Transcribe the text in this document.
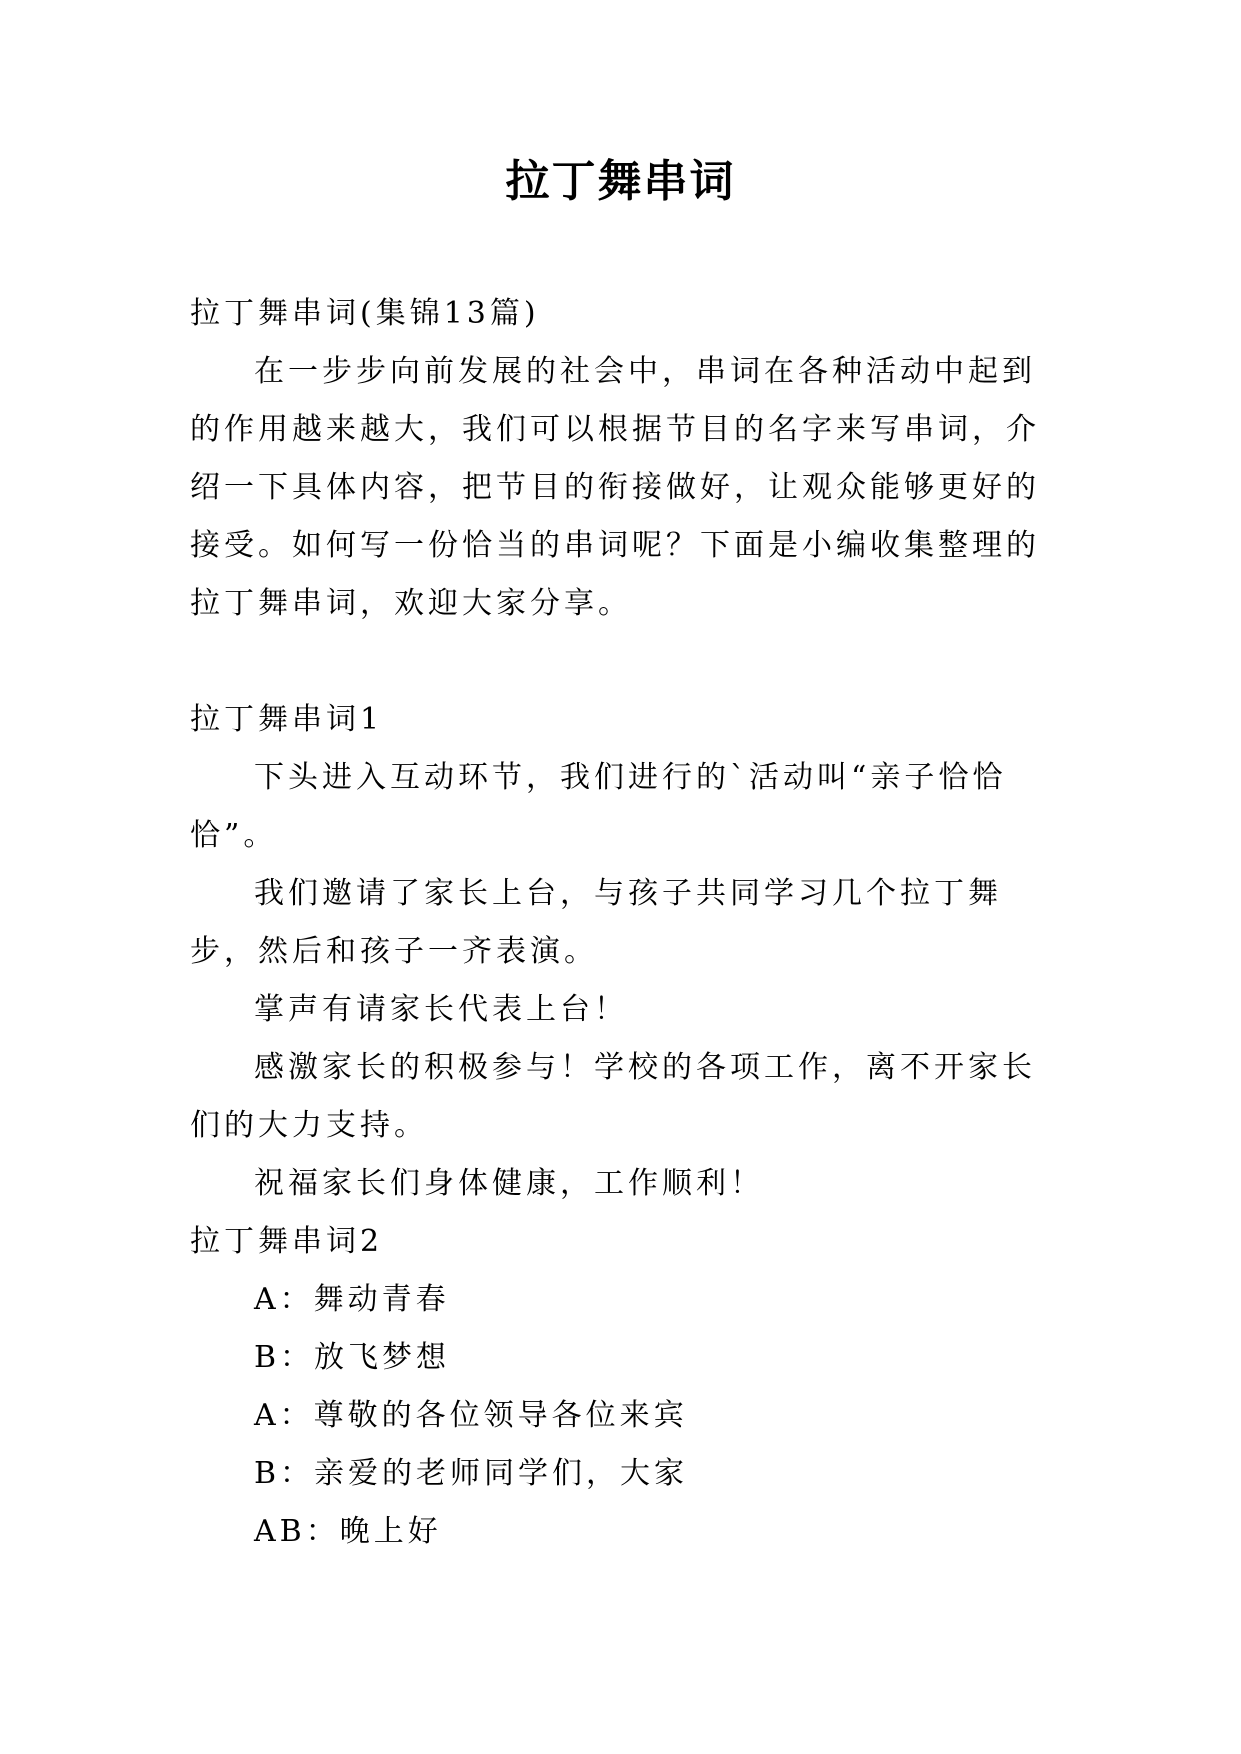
拉丁舞串词

拉丁舞串词(集锦13篇)

在一步步向前发展的社会中，串词在各种活动中起到的作用越来越大，我们可以根据节目的名字来写串词，介绍一下具体内容，把节目的衔接做好，让观众能够更好的接受。如何写一份恰当的串词呢？下面是小编收集整理的拉丁舞串词，欢迎大家分享。

拉丁舞串词1

下头进入互动环节，我们进行的`活动叫“亲子恰恰恰”。

我们邀请了家长上台，与孩子共同学习几个拉丁舞步，然后和孩子一齐表演。

掌声有请家长代表上台！

感激家长的积极参与！学校的各项工作，离不开家长们的大力支持。

祝福家长们身体健康，工作顺利！

拉丁舞串词2

A：舞动青春

B：放飞梦想

A：尊敬的各位领导各位来宾

B：亲爱的老师同学们，大家

AB：晚上好
